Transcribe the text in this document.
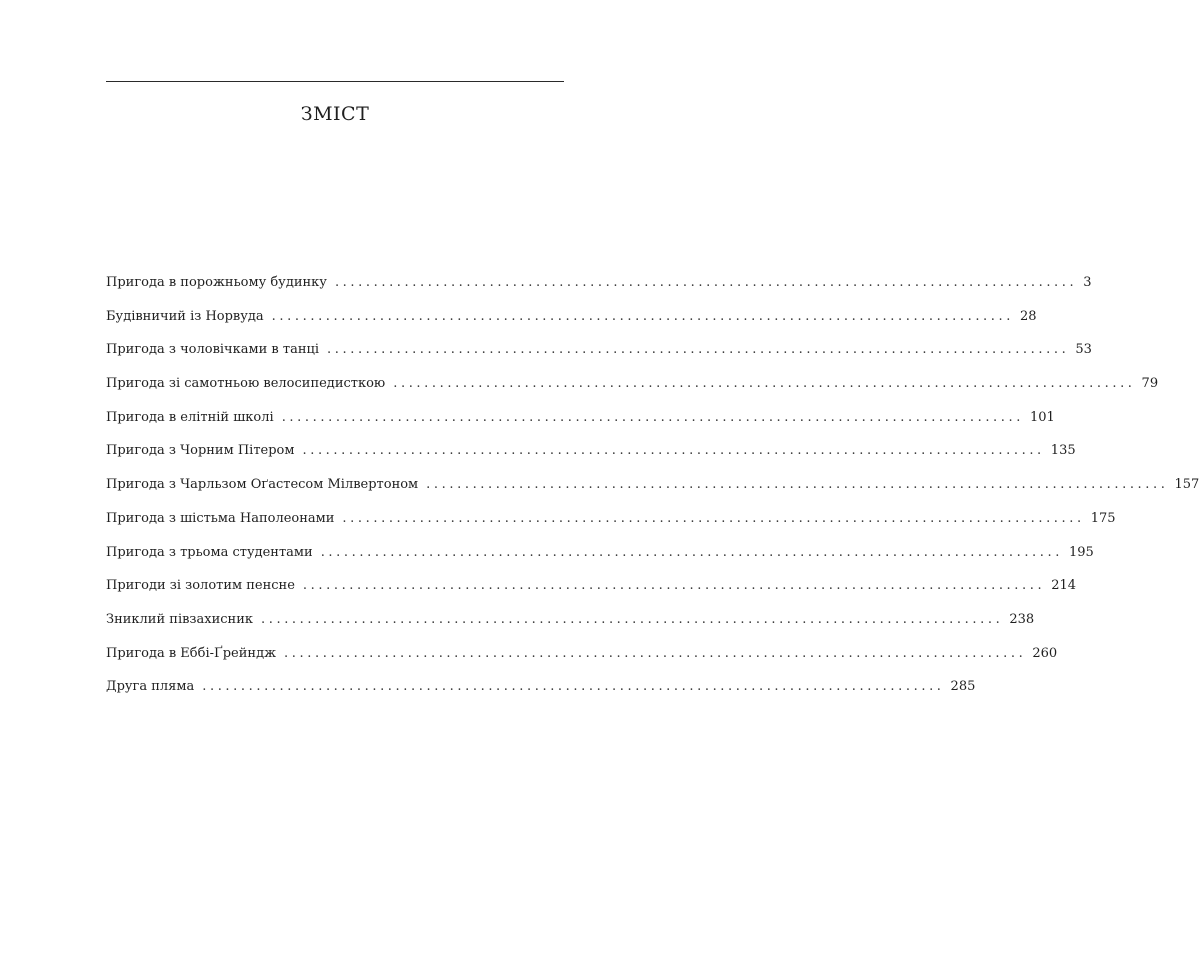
ЗМІСТ
Пригода в порожньому будинку ................................................................................................ 3
Будівничий із Норвуда ................................................................................................ 28
Пригода з чоловічками в танці ................................................................................................ 53
Пригода зі самотньою велосипедисткою ................................................................................................ 79
Пригода в елітній школі ................................................................................................ 101
Пригода з Чорним Пітером ................................................................................................ 135
Пригода з Чарльзом Оґастесом Мілвертоном ................................................................................................ 157
Пригода з шістьма Наполеонами ................................................................................................ 175
Пригода з трьома студентами ................................................................................................ 195
Пригоди зі золотим пенсне ................................................................................................ 214
Зниклий півзахисник ................................................................................................ 238
Пригода в Еббі-Ґрейндж ................................................................................................ 260
Друга пляма ................................................................................................ 285
